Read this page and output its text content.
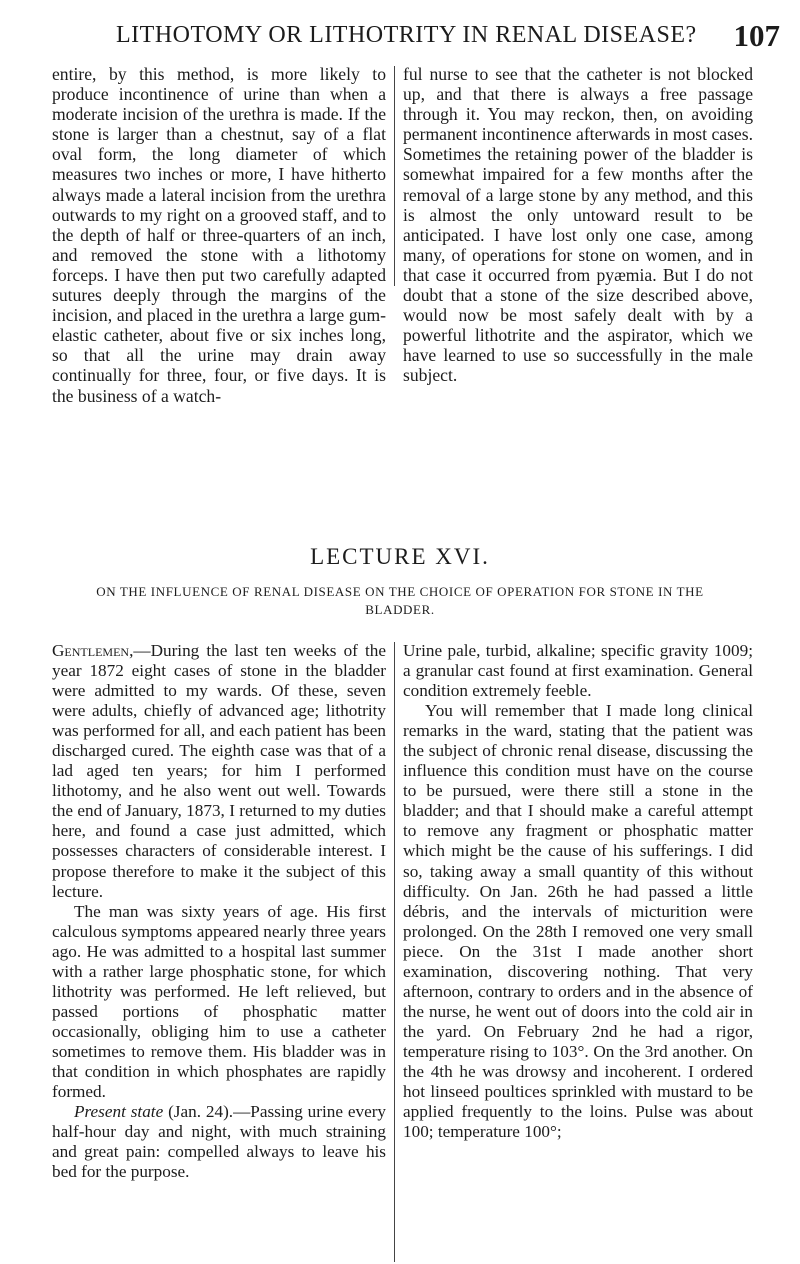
LITHOTOMY OR LITHOTRITY IN RENAL DISEASE? 107

entire, by this method, is more likely to produce incontinence of urine than when a moderate incision of the urethra is made. If the stone is larger than a chestnut, say of a flat oval form, the long diameter of which measures two inches or more, I have hitherto always made a lateral incision from the urethra outwards to my right on a grooved staff, and to the depth of half or three-quarters of an inch, and removed the stone with a lithotomy forceps. I have then put two carefully adapted sutures deeply through the margins of the incision, and placed in the urethra a large gum-elastic catheter, about five or six inches long, so that all the urine may drain away continually for three, four, or five days. It is the business of a watch-

ful nurse to see that the catheter is not blocked up, and that there is always a free passage through it. You may reckon, then, on avoiding permanent incontinence afterwards in most cases. Sometimes the retaining power of the bladder is somewhat impaired for a few months after the removal of a large stone by any method, and this is almost the only untoward result to be anticipated. I have lost only one case, among many, of operations for stone on women, and in that case it occurred from pyæmia. But I do not doubt that a stone of the size described above, would now be most safely dealt with by a powerful lithotrite and the aspirator, which we have learned to use so successfully in the male subject.

LECTURE XVI.
ON THE INFLUENCE OF RENAL DISEASE ON THE CHOICE OF OPERATION FOR STONE IN THE BLADDER.

Gentlemen,—During the last ten weeks of the year 1872 eight cases of stone in the bladder were admitted to my wards. Of these, seven were adults, chiefly of advanced age; lithotrity was performed for all, and each patient has been discharged cured. The eighth case was that of a lad aged ten years; for him I performed lithotomy, and he also went out well. Towards the end of January, 1873, I returned to my duties here, and found a case just admitted, which possesses characters of considerable interest. I propose therefore to make it the subject of this lecture.

The man was sixty years of age. His first calculous symptoms appeared nearly three years ago. He was admitted to a hospital last summer with a rather large phosphatic stone, for which lithotrity was performed. He left relieved, but passed portions of phosphatic matter occasionally, obliging him to use a catheter sometimes to remove them. His bladder was in that condition in which phosphates are rapidly formed.

Present state (Jan. 24).—Passing urine every half-hour day and night, with much straining and great pain: compelled always to leave his bed for the purpose.

Urine pale, turbid, alkaline; specific gravity 1009; a granular cast found at first examination. General condition extremely feeble.

You will remember that I made long clinical remarks in the ward, stating that the patient was the subject of chronic renal disease, discussing the influence this condition must have on the course to be pursued, were there still a stone in the bladder; and that I should make a careful attempt to remove any fragment or phosphatic matter which might be the cause of his sufferings. I did so, taking away a small quantity of this without difficulty. On Jan. 26th he had passed a little débris, and the intervals of micturition were prolonged. On the 28th I removed one very small piece. On the 31st I made another short examination, discovering nothing. That very afternoon, contrary to orders and in the absence of the nurse, he went out of doors into the cold air in the yard. On February 2nd he had a rigor, temperature rising to 103°. On the 3rd another. On the 4th he was drowsy and incoherent. I ordered hot linseed poultices sprinkled with mustard to be applied frequently to the loins. Pulse was about 100; temperature 100°;
